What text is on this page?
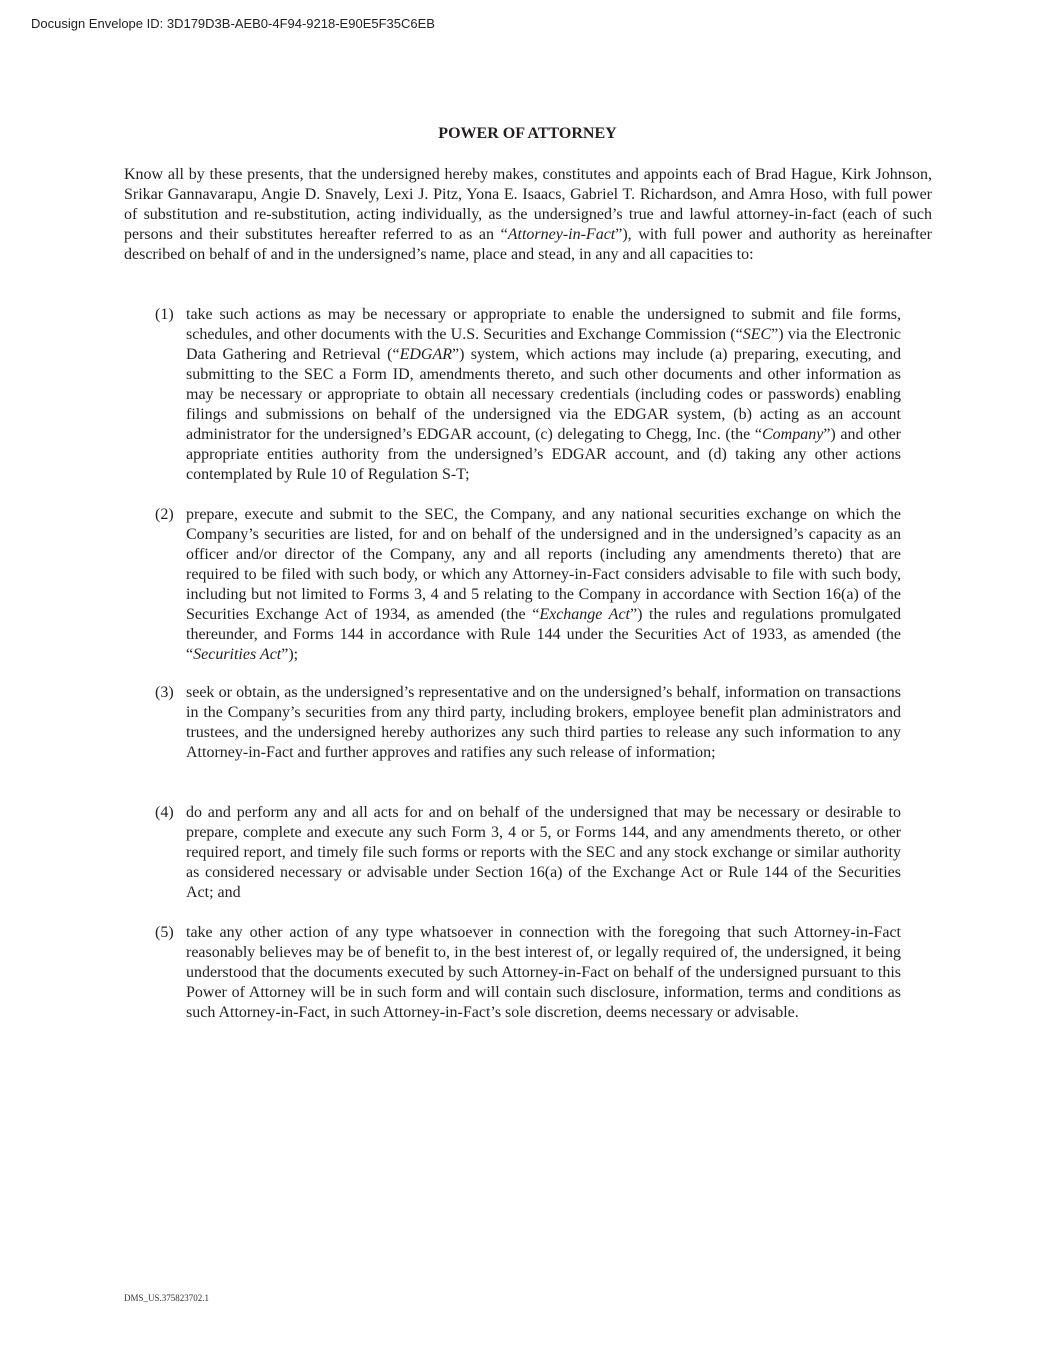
Docusign Envelope ID: 3D179D3B-AEB0-4F94-9218-E90E5F35C6EB
POWER OF ATTORNEY
Know all by these presents, that the undersigned hereby makes, constitutes and appoints each of Brad Hague, Kirk Johnson, Srikar Gannavarapu, Angie D. Snavely, Lexi J. Pitz, Yona E. Isaacs, Gabriel T. Richardson, and Amra Hoso, with full power of substitution and re-substitution, acting individually, as the undersigned’s true and lawful attorney-in-fact (each of such persons and their substitutes hereafter referred to as an “Attorney-in-Fact”), with full power and authority as hereinafter described on behalf of and in the undersigned’s name, place and stead, in any and all capacities to:
(1) take such actions as may be necessary or appropriate to enable the undersigned to submit and file forms, schedules, and other documents with the U.S. Securities and Exchange Commission (“SEC”) via the Electronic Data Gathering and Retrieval (“EDGAR”) system, which actions may include (a) preparing, executing, and submitting to the SEC a Form ID, amendments thereto, and such other documents and other information as may be necessary or appropriate to obtain all necessary credentials (including codes or passwords) enabling filings and submissions on behalf of the undersigned via the EDGAR system, (b) acting as an account administrator for the undersigned’s EDGAR account, (c) delegating to Chegg, Inc. (the “Company”) and other appropriate entities authority from the undersigned’s EDGAR account, and (d) taking any other actions contemplated by Rule 10 of Regulation S-T;
(2) prepare, execute and submit to the SEC, the Company, and any national securities exchange on which the Company’s securities are listed, for and on behalf of the undersigned and in the undersigned’s capacity as an officer and/or director of the Company, any and all reports (including any amendments thereto) that are required to be filed with such body, or which any Attorney-in-Fact considers advisable to file with such body, including but not limited to Forms 3, 4 and 5 relating to the Company in accordance with Section 16(a) of the Securities Exchange Act of 1934, as amended (the “Exchange Act”) the rules and regulations promulgated thereunder, and Forms 144 in accordance with Rule 144 under the Securities Act of 1933, as amended (the “Securities Act”);
(3) seek or obtain, as the undersigned’s representative and on the undersigned’s behalf, information on transactions in the Company’s securities from any third party, including brokers, employee benefit plan administrators and trustees, and the undersigned hereby authorizes any such third parties to release any such information to any Attorney-in-Fact and further approves and ratifies any such release of information;
(4) do and perform any and all acts for and on behalf of the undersigned that may be necessary or desirable to prepare, complete and execute any such Form 3, 4 or 5, or Forms 144, and any amendments thereto, or other required report, and timely file such forms or reports with the SEC and any stock exchange or similar authority as considered necessary or advisable under Section 16(a) of the Exchange Act or Rule 144 of the Securities Act; and
(5) take any other action of any type whatsoever in connection with the foregoing that such Attorney-in-Fact reasonably believes may be of benefit to, in the best interest of, or legally required of, the undersigned, it being understood that the documents executed by such Attorney-in-Fact on behalf of the undersigned pursuant to this Power of Attorney will be in such form and will contain such disclosure, information, terms and conditions as such Attorney-in-Fact, in such Attorney-in-Fact’s sole discretion, deems necessary or advisable.
DMS_US.375823702.1
